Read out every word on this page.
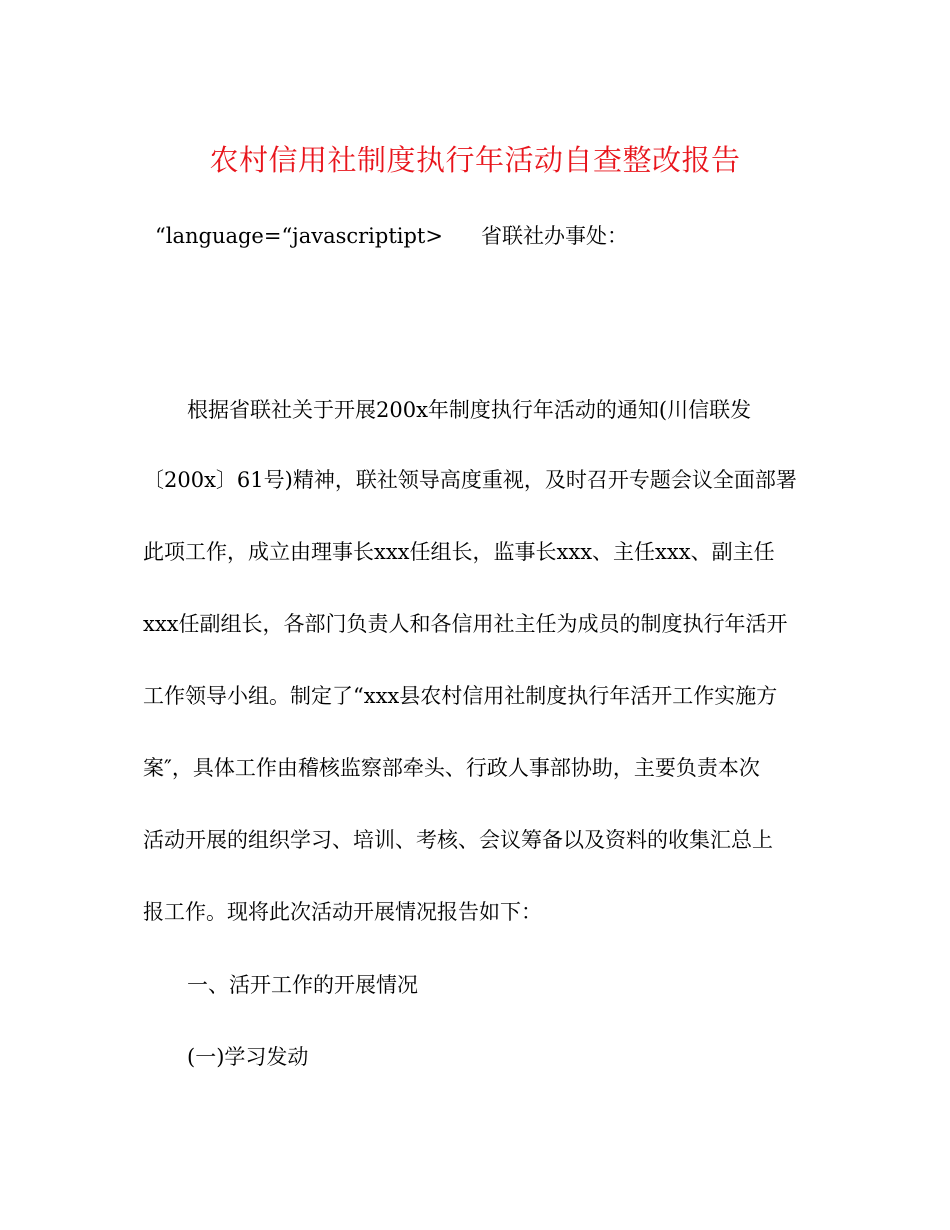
农村信用社制度执行年活动自查整改报告
“language=“javascriptipt> 省联社办事处：
根据省联社关于开展200x年制度执行年活动的通知(川信联发
〔200x〕61号)精神，联社领导高度重视，及时召开专题会议全面部署
此项工作，成立由理事长xxx任组长，监事长xxx、主任xxx、副主任
xxx任副组长，各部门负责人和各信用社主任为成员的制度执行年活开
工作领导小组。制定了“xxx县农村信用社制度执行年活开工作实施方
案″，具体工作由稽核监察部牵头、行政人事部协助，主要负责本次
活动开展的组织学习、培训、考核、会议筹备以及资料的收集汇总上
报工作。现将此次活动开展情况报告如下：
一、活开工作的开展情况
(一)学习发动
